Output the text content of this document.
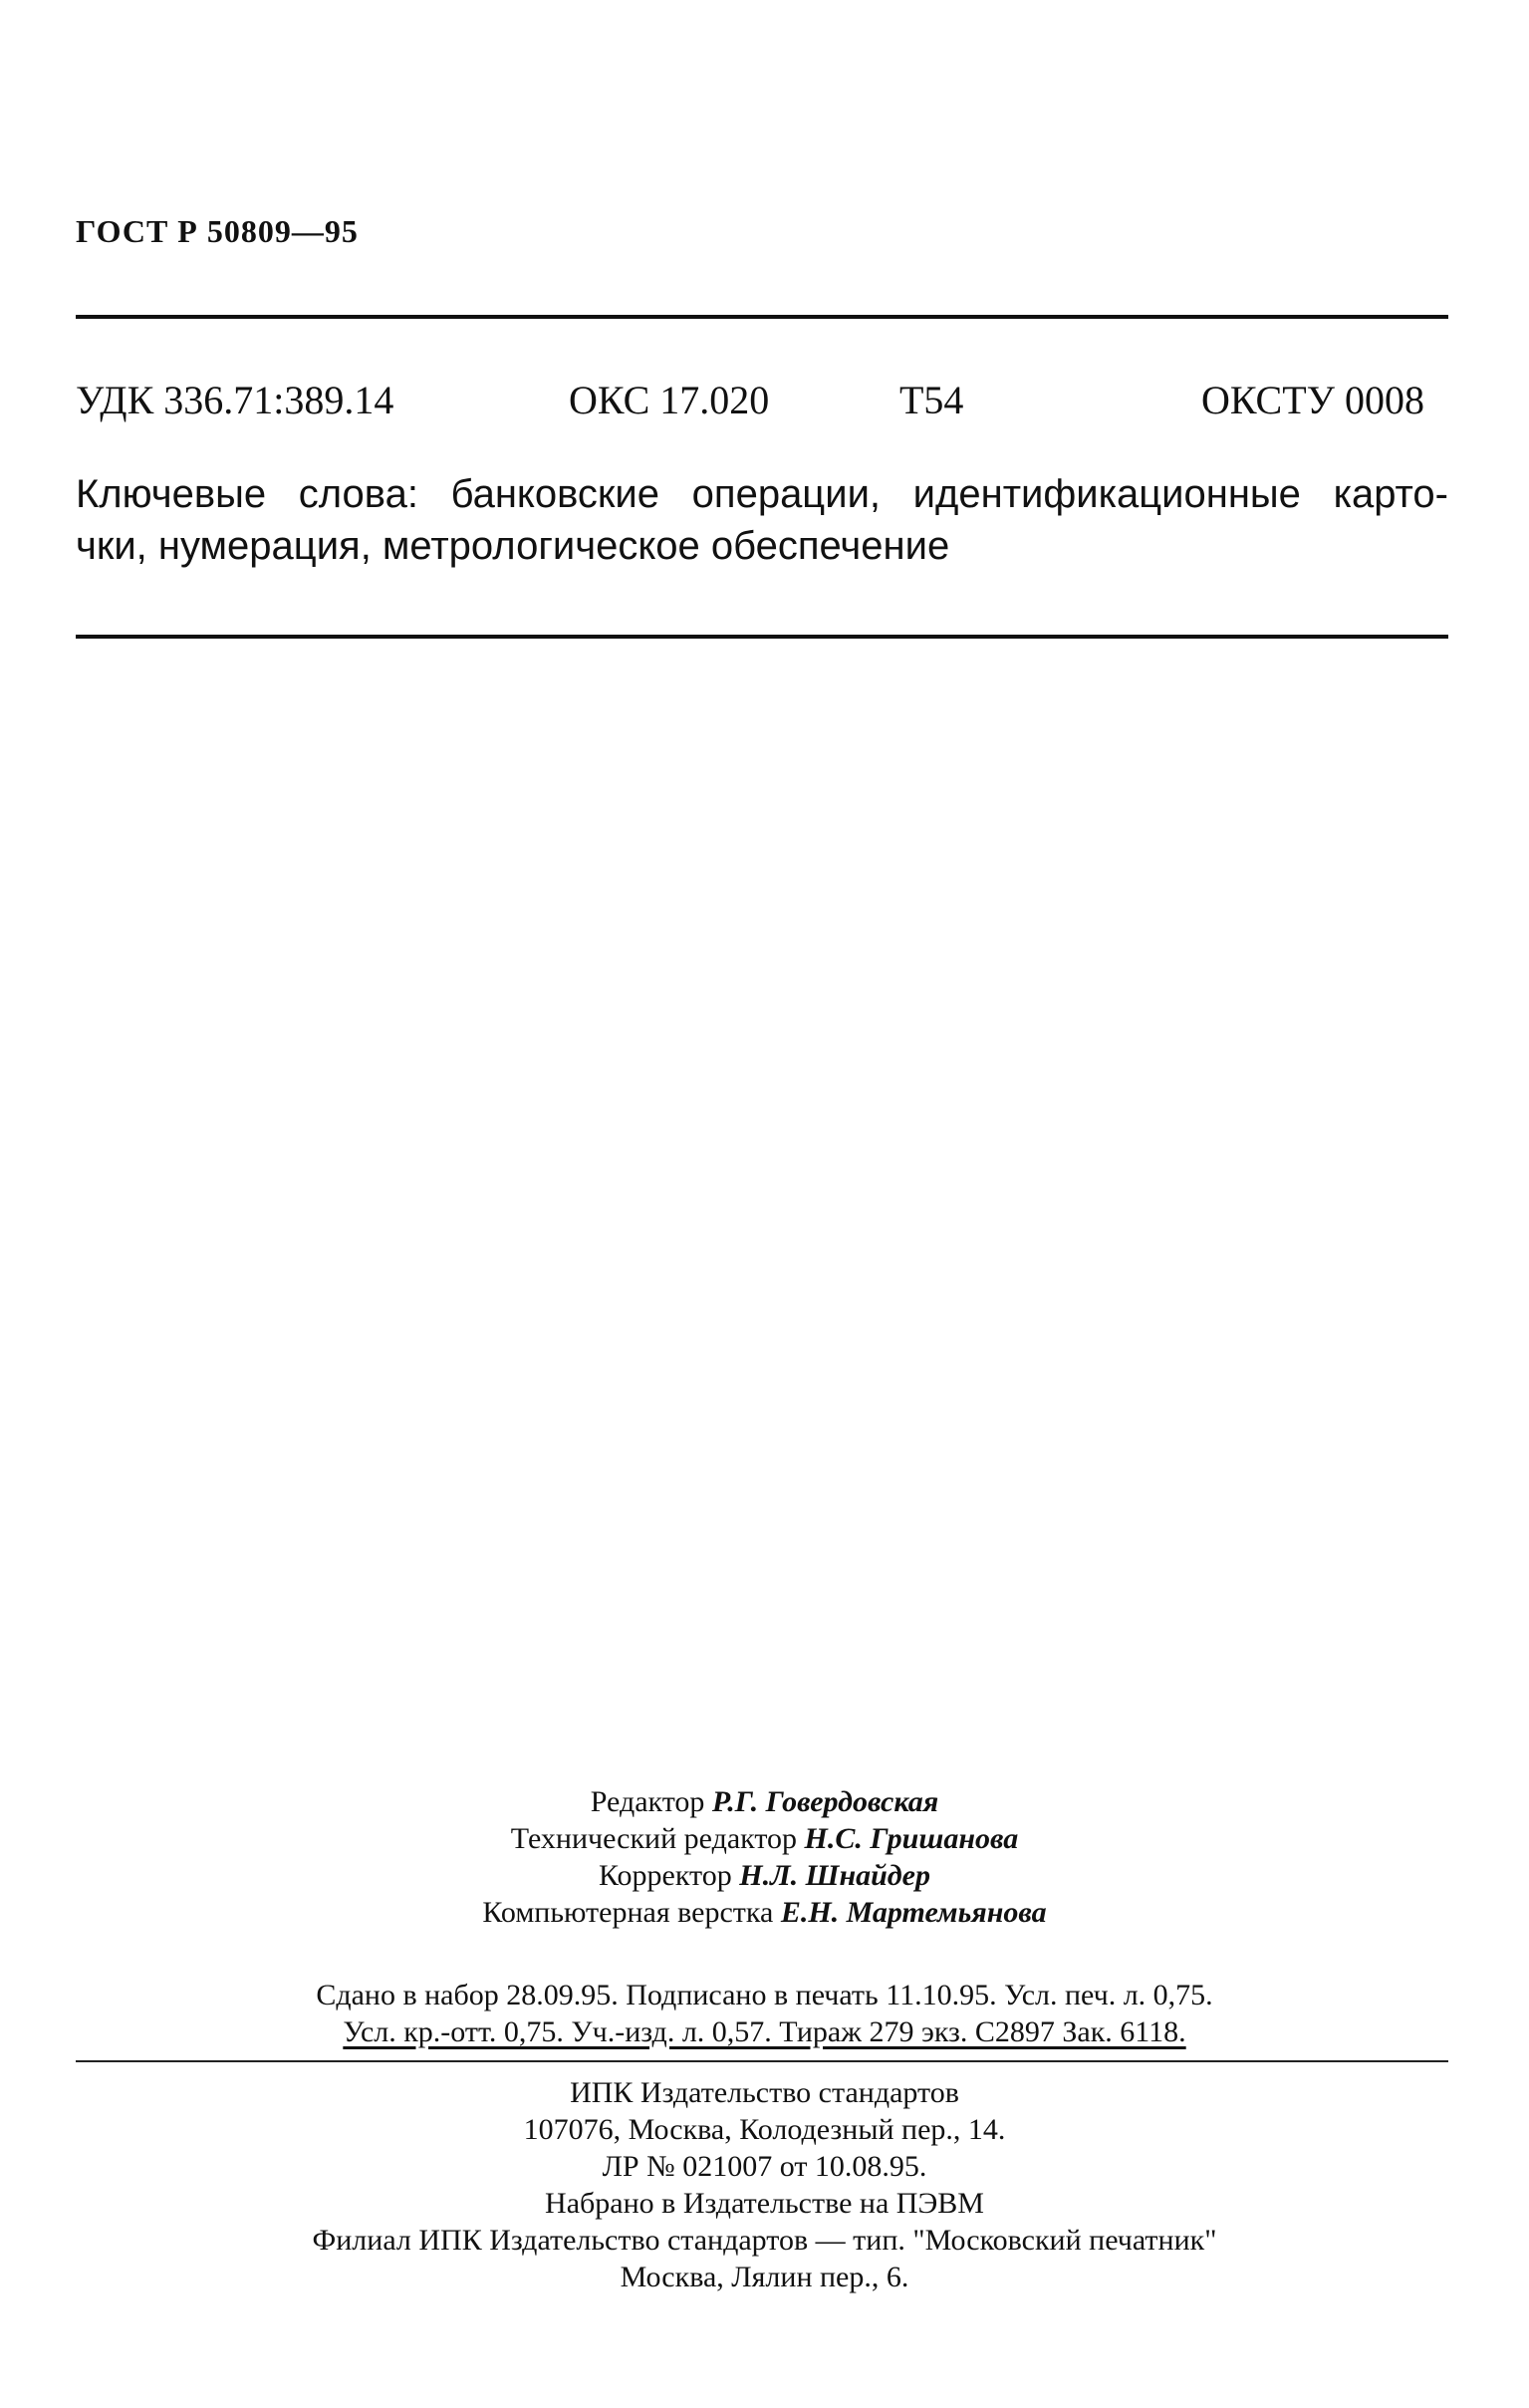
ГОСТ Р 50809—95
УДК 336.71:389.14	ОКС 17.020	Т54	ОКСТУ 0008
Ключевые слова: банковские операции, идентификационные карто-
чки, нумерация, метрологическое обеспечение
Редактор Р.Г. Говердовская
Технический редактор Н.С. Гришанова
Корректор Н.Л. Шнайдер
Компьютерная верстка Е.Н. Мартемьянова
Сдано в набор 28.09.95. Подписано в печать 11.10.95. Усл. печ. л. 0,75.
Усл. кр.-отт. 0,75. Уч.-изд. л. 0,57. Тираж 279 экз. С2897 Зак. 6118.
ИПК Издательство стандартов
107076, Москва, Колодезный пер., 14.
ЛР № 021007 от 10.08.95.
Набрано в Издательстве на ПЭВМ
Филиал ИПК Издательство стандартов — тип. "Московский печатник"
Москва, Лялин пер., 6.
